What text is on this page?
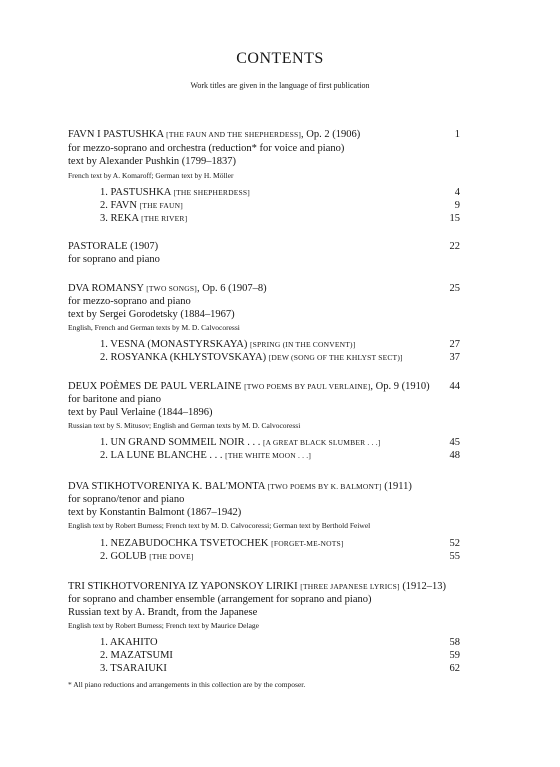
CONTENTS
Work titles are given in the language of first publication
FAVN I PASTUSHKA [THE FAUN AND THE SHEPHERDESS], Op. 2 (1906)	1
for mezzo-soprano and orchestra (reduction* for voice and piano)
text by Alexander Pushkin (1799–1837)
French text by A. Komaroff; German text by H. Möller
1. PASTUSHKA [THE SHEPHERDESS]	4
2. FAVN [THE FAUN]	9
3. REKA [THE RIVER]	15
PASTORALE (1907)	22
for soprano and piano
DVA ROMANSY [TWO SONGS], Op. 6 (1907–8)	25
for mezzo-soprano and piano
text by Sergei Gorodetsky (1884–1967)
English, French and German texts by M. D. Calvocoressi
1. VESNA (MONASTYRSKAYA) [SPRING (IN THE CONVENT)]	27
2. ROSYANKA (KHLYSTOVSKAYA) [DEW (SONG OF THE KHLYST SECT)]	37
DEUX POÈMES DE PAUL VERLAINE [TWO POEMS BY PAUL VERLAINE], Op. 9 (1910)	44
for baritone and piano
text by Paul Verlaine (1844–1896)
Russian text by S. Mitusov; English and German texts by M. D. Calvocoressi
1. UN GRAND SOMMEIL NOIR . . . [A GREAT BLACK SLUMBER . . .]	45
2. LA LUNE BLANCHE . . . [THE WHITE MOON . . .]	48
DVA STIKHOTVORENIYA K. BAL'MONTA [TWO POEMS BY K. BALMONT] (1911)
for soprano/tenor and piano
text by Konstantin Balmont (1867–1942)
English text by Robert Burness; French text by M. D. Calvocoressi; German text by Berthold Feiwel
1. NEZABUDOCHKA TSVETOCHEK [FORGET-ME-NOTS]	52
2. GOLUB [THE DOVE]	55
TRI STIKHOTVORENIYA IZ YAPONSKOY LIRIKI [THREE JAPANESE LYRICS] (1912–13)
for soprano and chamber ensemble (arrangement for soprano and piano)
Russian text by A. Brandt, from the Japanese
English text by Robert Burness; French text by Maurice Delage
1. AKAHITO	58
2. MAZATSUMI	59
3. TSARAIUKI	62
* All piano reductions and arrangements in this collection are by the composer.
